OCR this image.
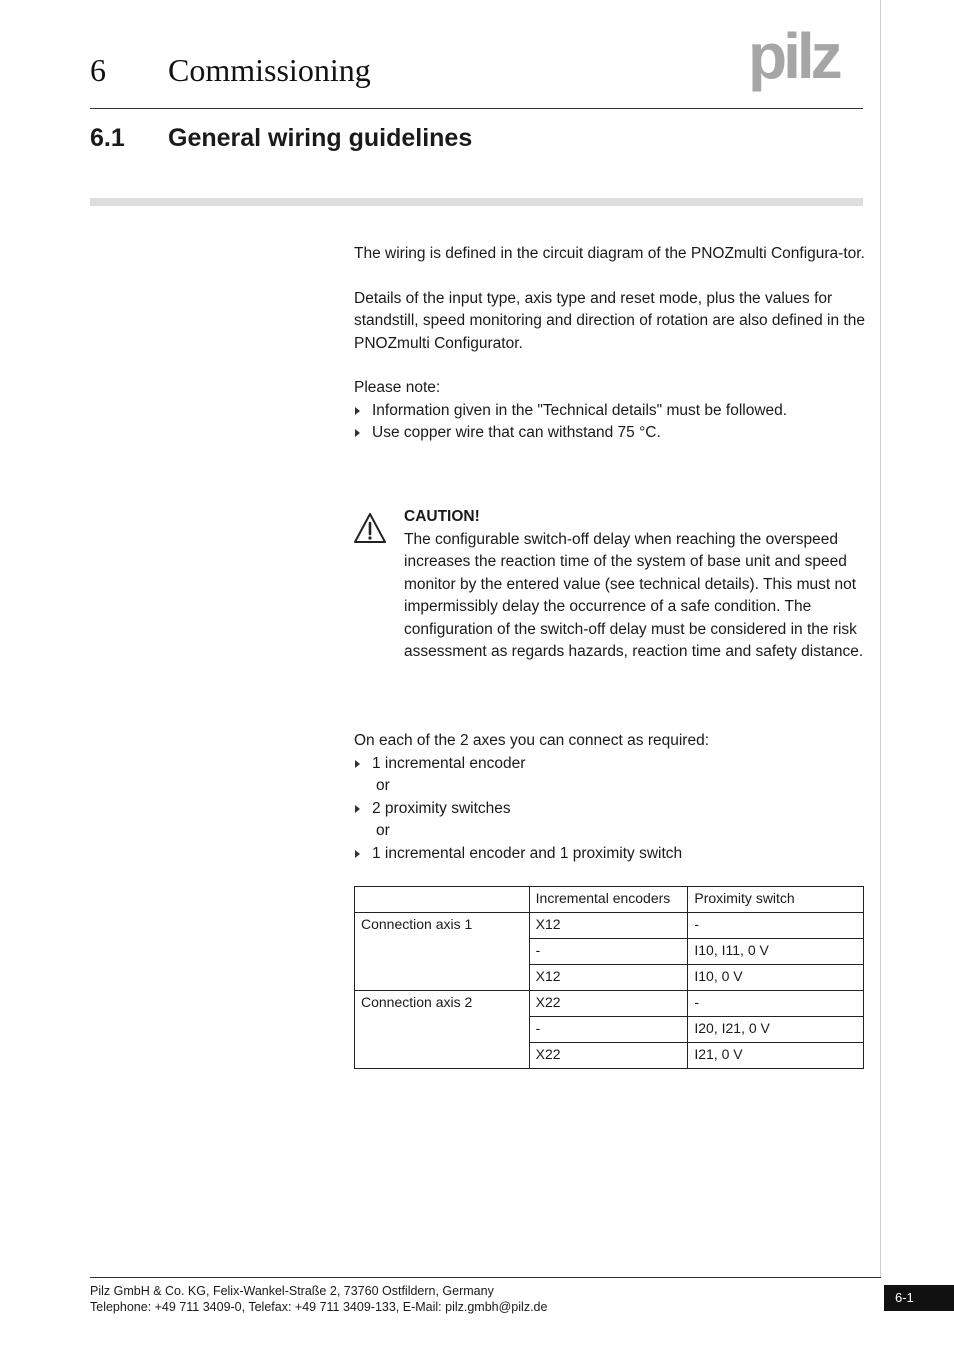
6 Commissioning	pilz
6.1 General wiring guidelines

The wiring is defined in the circuit diagram of the PNOZmulti Configura-tor.

Details of the input type, axis type and reset mode, plus the values for standstill, speed monitoring and direction of rotation are also defined in the PNOZmulti Configurator.

Please note:

Information given in the "Technical details" must be followed.
Use copper wire that can withstand 75 °C.
CAUTION!
The configurable switch-off delay when reaching the overspeed increases the reaction time of the system of base unit and speed monitor by the entered value (see technical details). This must not impermissibly delay the occurrence of a safe condition. The configuration of the switch-off delay must be considered in the risk assessment as regards hazards, reaction time and safety distance.

On each of the 2 axes you can connect as required:

1 incremental encoder
or
2 proximity switches
or
1 incremental encoder and 1 proximity switch
	Incremental encoders	Proximity switch
Connection axis 1	X12	-
	-	I10, I11, 0 V
	X12	I10, 0 V
Connection axis 2	X22	-
	-	I20, I21, 0 V
	X22	I21, 0 V
Pilz GmbH & Co. KG, Felix-Wankel-Straße 2, 73760 Ostfildern, Germany
Telephone: +49 711 3409-0, Telefax: +49 711 3409-133, E-Mail: pilz.gmbh@pilz.de
6-1
